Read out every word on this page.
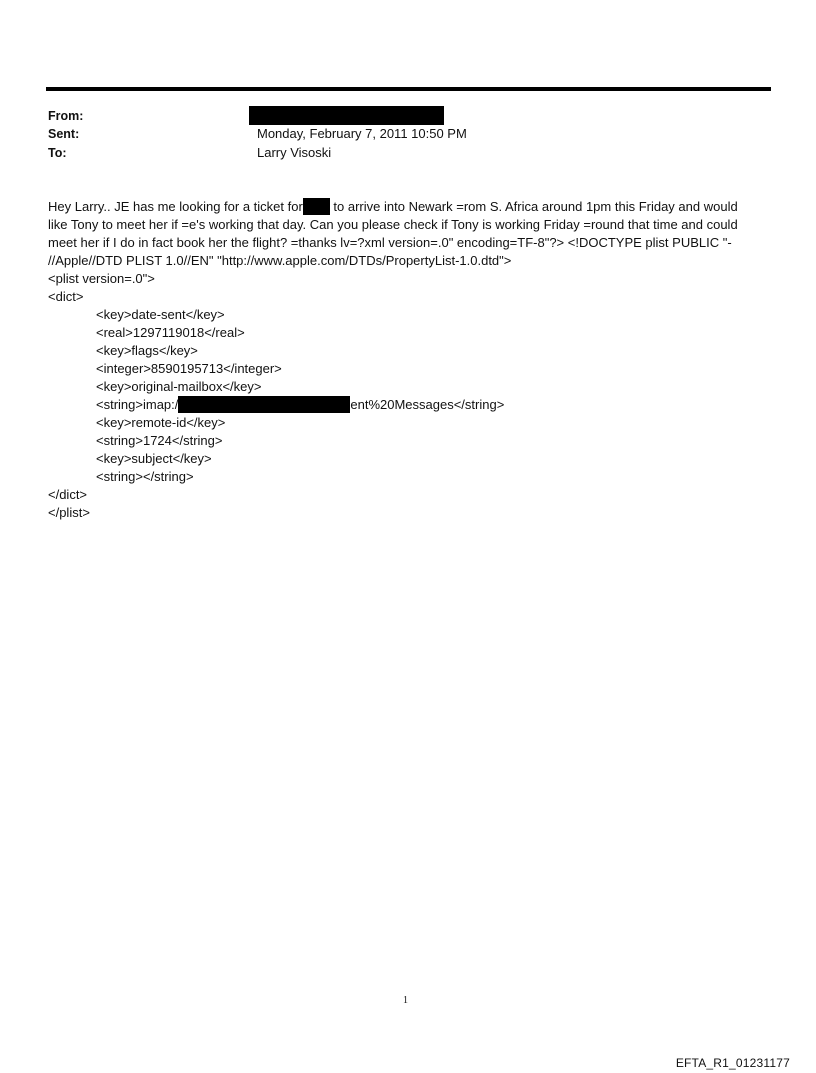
From:
Sent:	Monday, February 7, 2011 10:50 PM
To:	Larry Visoski
Hey Larry.. JE has me looking for a ticket for to arrive into Newark =rom S. Africa around 1pm this Friday and would
like Tony to meet her if =e's working that day. Can you please check if Tony is working Friday =round that time and could
meet her if I do in fact book her the flight? =thanks lv=?xml version=.0" encoding=TF-8"?> <!DOCTYPE plist PUBLIC "-
//Apple//DTD PLIST 1.0//EN" "http://www.apple.com/DTDs/PropertyList-1.0.dtd">
<plist version=.0">
<dict>
<key>date-sent</key>
<real>1297119018</real>
<key>flags</key>
<integer>8590195713</integer>
<key>original-mailbox</key>
<string>imap:/	ent%20Messages</string>
<key>remote-id</key>
<string>1724</string>
<key>subject</key>
<string></string>
</dict>
</plist>
1
EFTA_R1_01231177
